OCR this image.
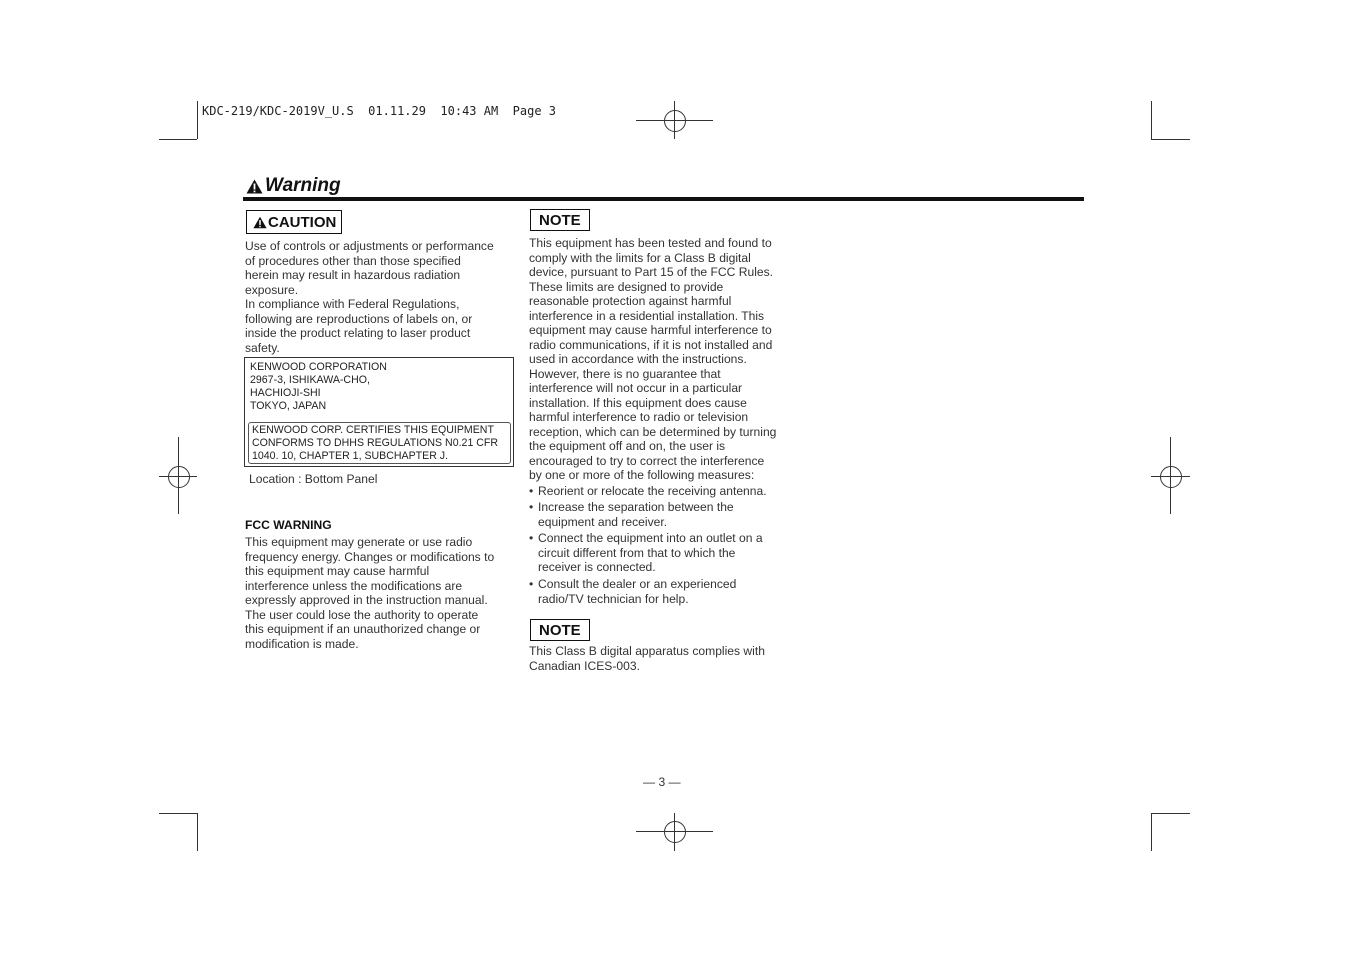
KDC-219/KDC-2019V_U.S  01.11.29  10:43 AM  Page 3
Warning
CAUTION
Use of controls or adjustments or performance
of procedures other than those specified
herein may result in hazardous radiation
exposure.
In compliance with Federal Regulations,
following are reproductions of labels on, or
inside the product relating to laser product
safety.
KENWOOD CORPORATION
2967-3, ISHIKAWA-CHO,
HACHIOJI-SHI
TOKYO, JAPAN
KENWOOD CORP. CERTIFIES THIS EQUIPMENT
CONFORMS TO DHHS REGULATIONS N0.21 CFR
1040. 10, CHAPTER 1, SUBCHAPTER J.
Location : Bottom Panel
FCC WARNING
This equipment may generate or use radio
frequency energy. Changes or modifications to
this equipment may cause harmful
interference unless the modifications are
expressly approved in the instruction manual.
The user could lose the authority to operate
this equipment if an unauthorized change or
modification is made.
NOTE
This equipment has been tested and found to
comply with the limits for a Class B digital
device, pursuant to Part 15 of the FCC Rules.
These limits are designed to provide
reasonable protection against harmful
interference in a residential installation. This
equipment may cause harmful interference to
radio communications, if it is not installed and
used in accordance with the instructions.
However, there is no guarantee that
interference will not occur in a particular
installation. If this equipment does cause
harmful interference to radio or television
reception, which can be determined by turning
the equipment off and on, the user is
encouraged to try to correct the interference
by one or more of the following measures:
• Reorient or relocate the receiving antenna.
• Increase the separation between the
equipment and receiver.
• Connect the equipment into an outlet on a
circuit different from that to which the
receiver is connected.
• Consult the dealer or an experienced
radio/TV technician for help.
NOTE
This Class B digital apparatus complies with
Canadian ICES-003.
— 3 —
